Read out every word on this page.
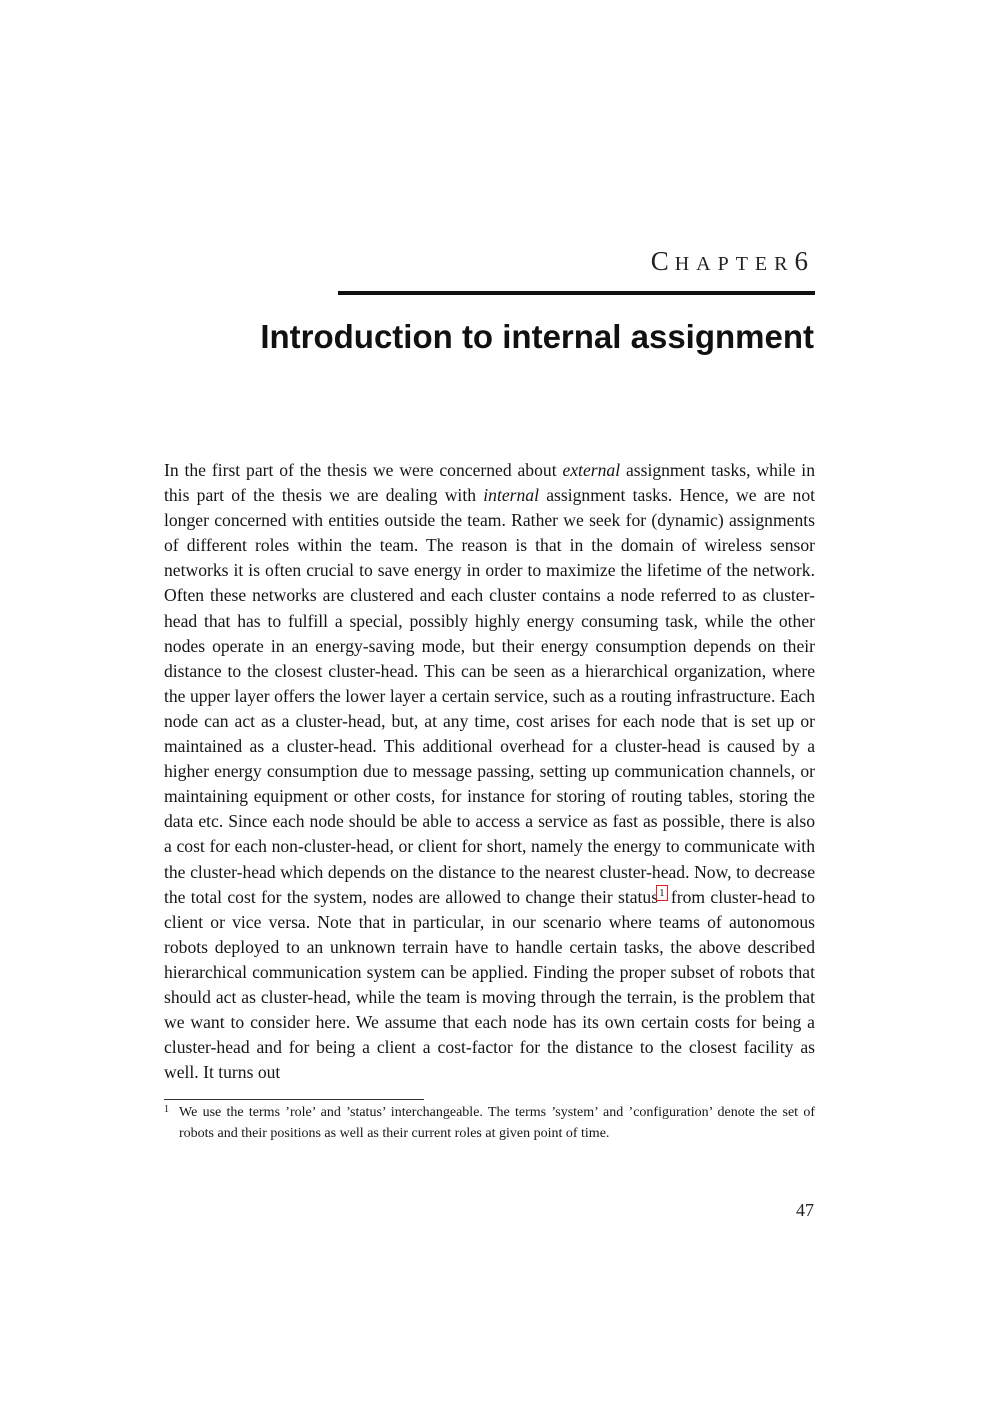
CHAPTER6
Introduction to internal assignment

In the first part of the thesis we were concerned about external assignment tasks, while in this part of the thesis we are dealing with internal assignment tasks. Hence, we are not longer concerned with entities outside the team. Rather we seek for (dynamic) assignments of different roles within the team. The reason is that in the domain of wireless sensor networks it is often crucial to save energy in order to maximize the lifetime of the network. Often these networks are clustered and each cluster contains a node referred to as cluster-head that has to fulfill a special, possibly highly energy consuming task, while the other nodes operate in an energy-saving mode, but their energy consumption depends on their distance to the closest cluster-head. This can be seen as a hierarchical organization, where the upper layer offers the lower layer a certain service, such as a routing infrastructure. Each node can act as a cluster-head, but, at any time, cost arises for each node that is set up or maintained as a cluster-head. This additional overhead for a cluster-head is caused by a higher energy consumption due to message passing, setting up communication channels, or maintaining equipment or other costs, for instance for storing of routing tables, storing the data etc. Since each node should be able to access a service as fast as possible, there is also a cost for each non-cluster-head, or client for short, namely the energy to communicate with the cluster-head which depends on the distance to the nearest cluster-head. Now, to decrease the total cost for the system, nodes are allowed to change their status$^1$ from cluster-head to client or vice versa. Note that in particular, in our scenario where teams of autonomous robots deployed to an unknown terrain have to handle certain tasks, the above described hierarchical communication system can be applied. Finding the proper subset of robots that should act as cluster-head, while the team is moving through the terrain, is the problem that we want to consider here. We assume that each node has its own certain costs for being a cluster-head and for being a client a cost-factor for the distance to the closest facility as well. It turns out

1 We use the terms ’role’ and ’status’ interchangeable. The terms ’system’ and ’configuration’ denote the set of robots and their positions as well as their current roles at given point of time.
47
